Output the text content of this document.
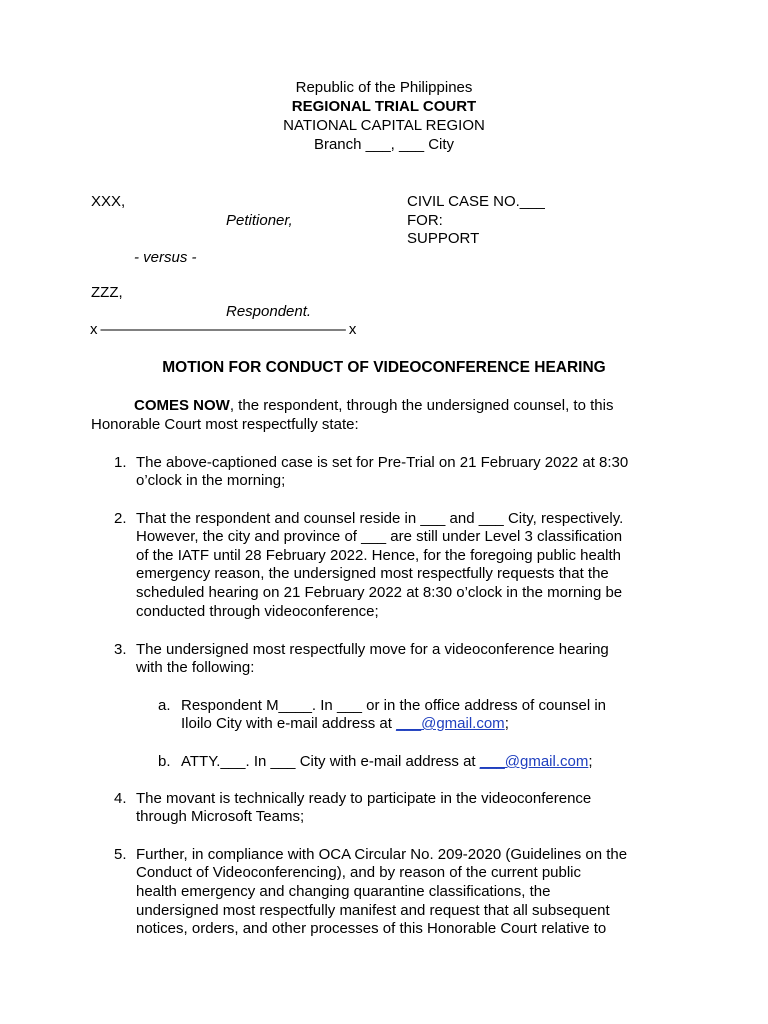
Republic of the Philippines
REGIONAL TRIAL COURT
NATIONAL CAPITAL REGION
Branch ___, ___ City
XXX,
Petitioner,
- versus -
ZZZ,
Respondent.
x ————————————————— x
CIVIL CASE NO.___
FOR:
SUPPORT
MOTION FOR CONDUCT OF VIDEOCONFERENCE HEARING
COMES NOW, the respondent, through the undersigned counsel, to this
Honorable Court most respectfully state:
1. The above-captioned case is set for Pre-Trial on 21 February 2022 at 8:30
o’clock in the morning;
2. That the respondent and counsel reside in ___ and ___ City, respectively.
However, the city and province of ___ are still under Level 3 classification
of the IATF until 28 February 2022. Hence, for the foregoing public health
emergency reason, the undersigned most respectfully requests that the
scheduled hearing on 21 February 2022 at 8:30 o’clock in the morning be
conducted through videoconference;
3. The undersigned most respectfully move for a videoconference hearing
with the following:
a. Respondent M____. In ___ or in the office address of counsel in
Iloilo City with e-mail address at ___@gmail.com;
b. ATTY.___. In ___ City with e-mail address at ___@gmail.com;
4. The movant is technically ready to participate in the videoconference
through Microsoft Teams;
5. Further, in compliance with OCA Circular No. 209-2020 (Guidelines on the
Conduct of Videoconferencing), and by reason of the current public
health emergency and changing quarantine classifications, the
undersigned most respectfully manifest and request that all subsequent
notices, orders, and other processes of this Honorable Court relative to
